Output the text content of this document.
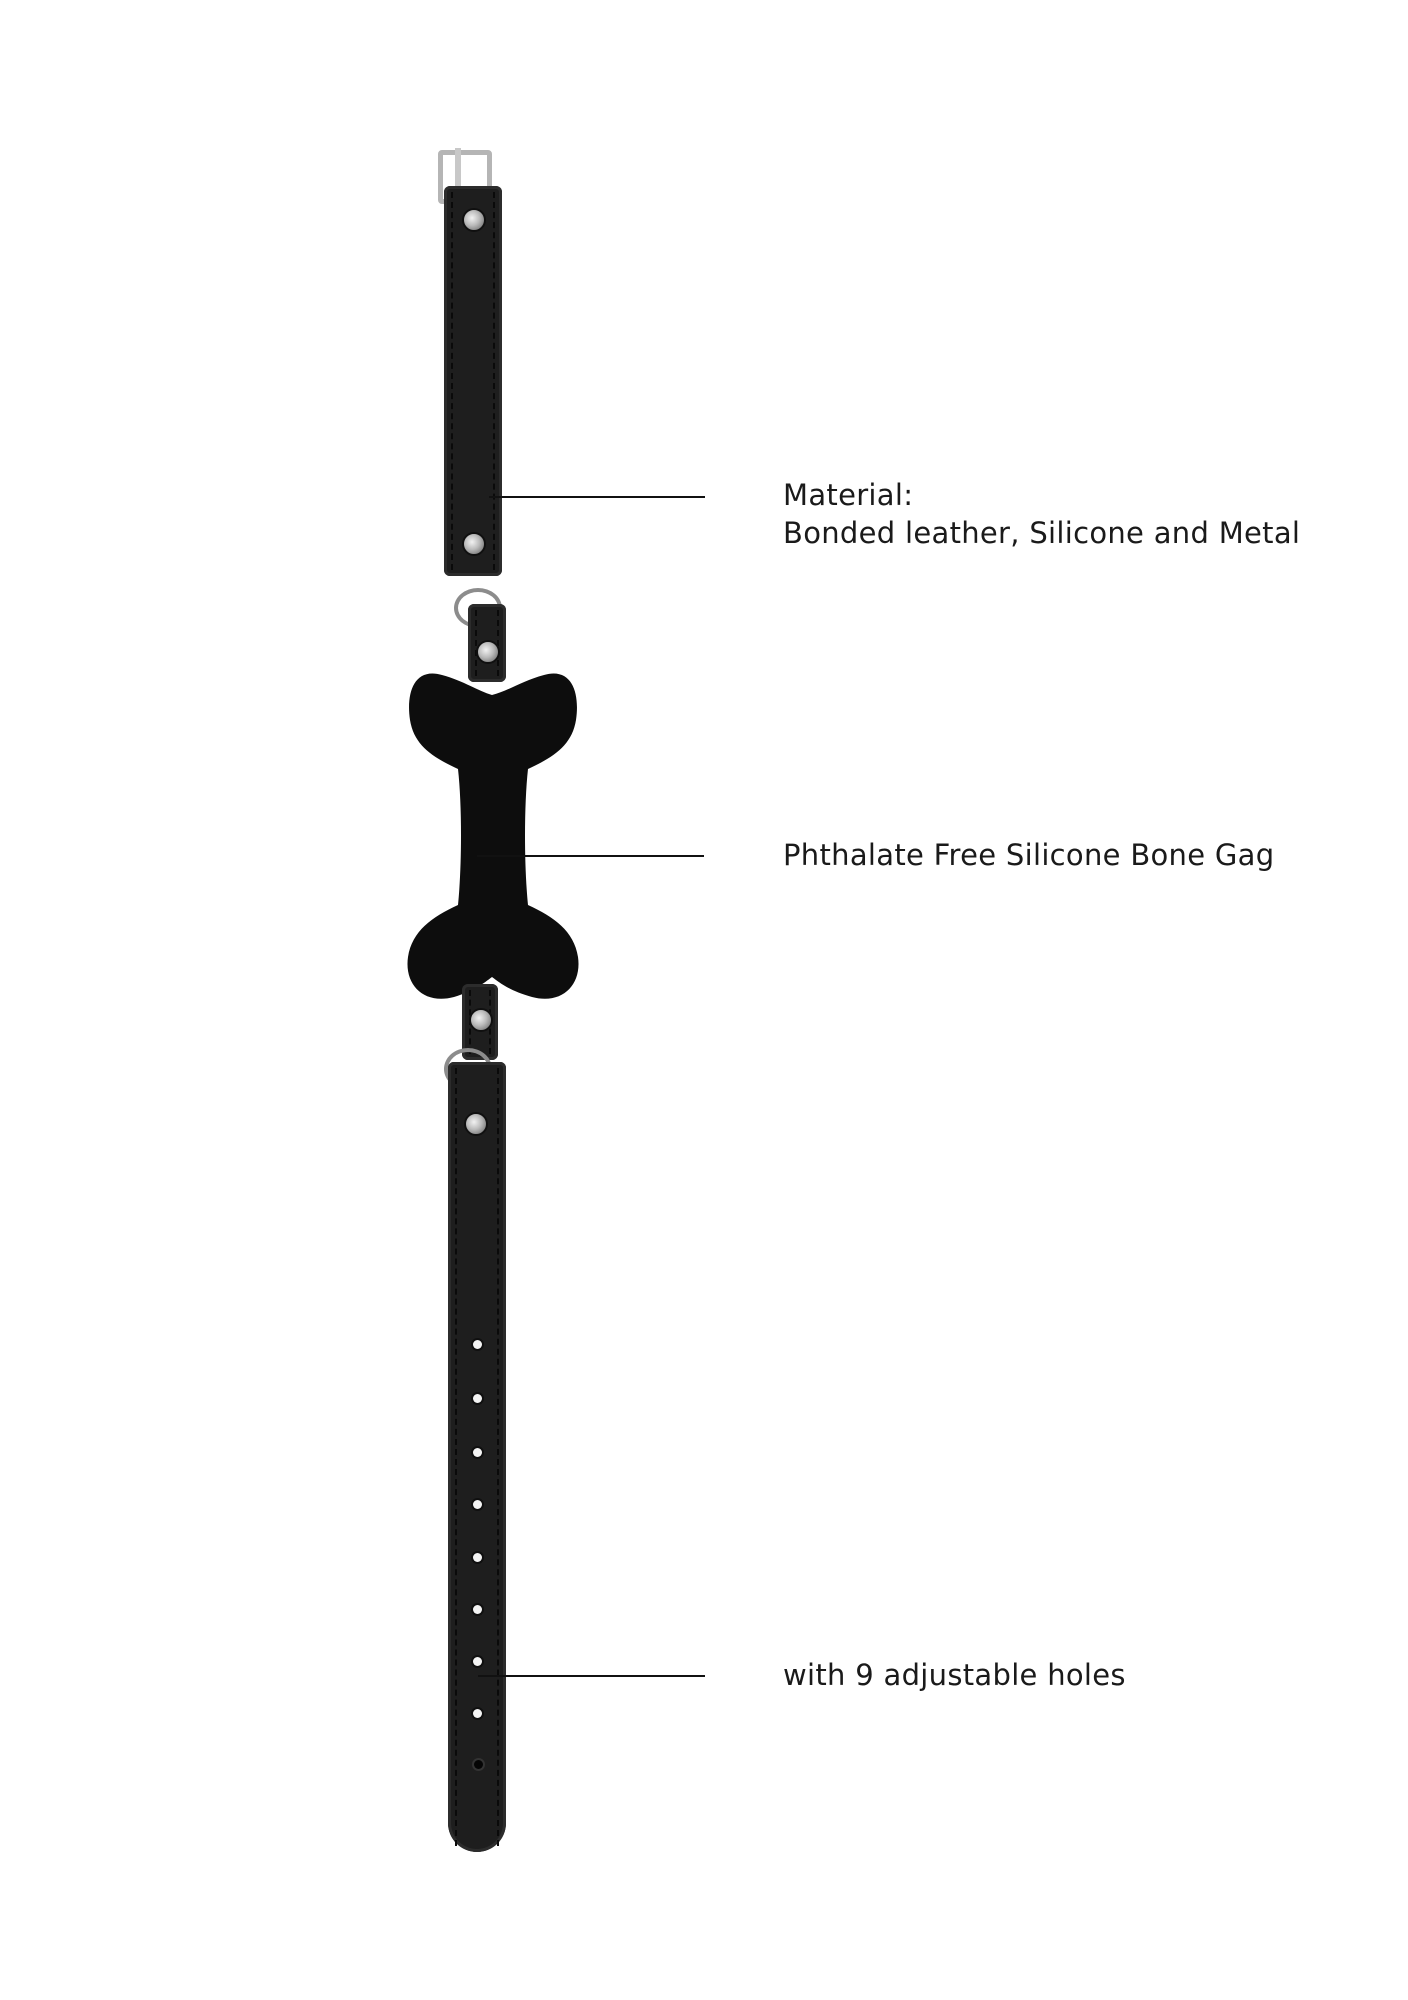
Material:
Bonded leather, Silicone and Metal
Phthalate Free Silicone Bone Gag
with 9 adjustable holes
